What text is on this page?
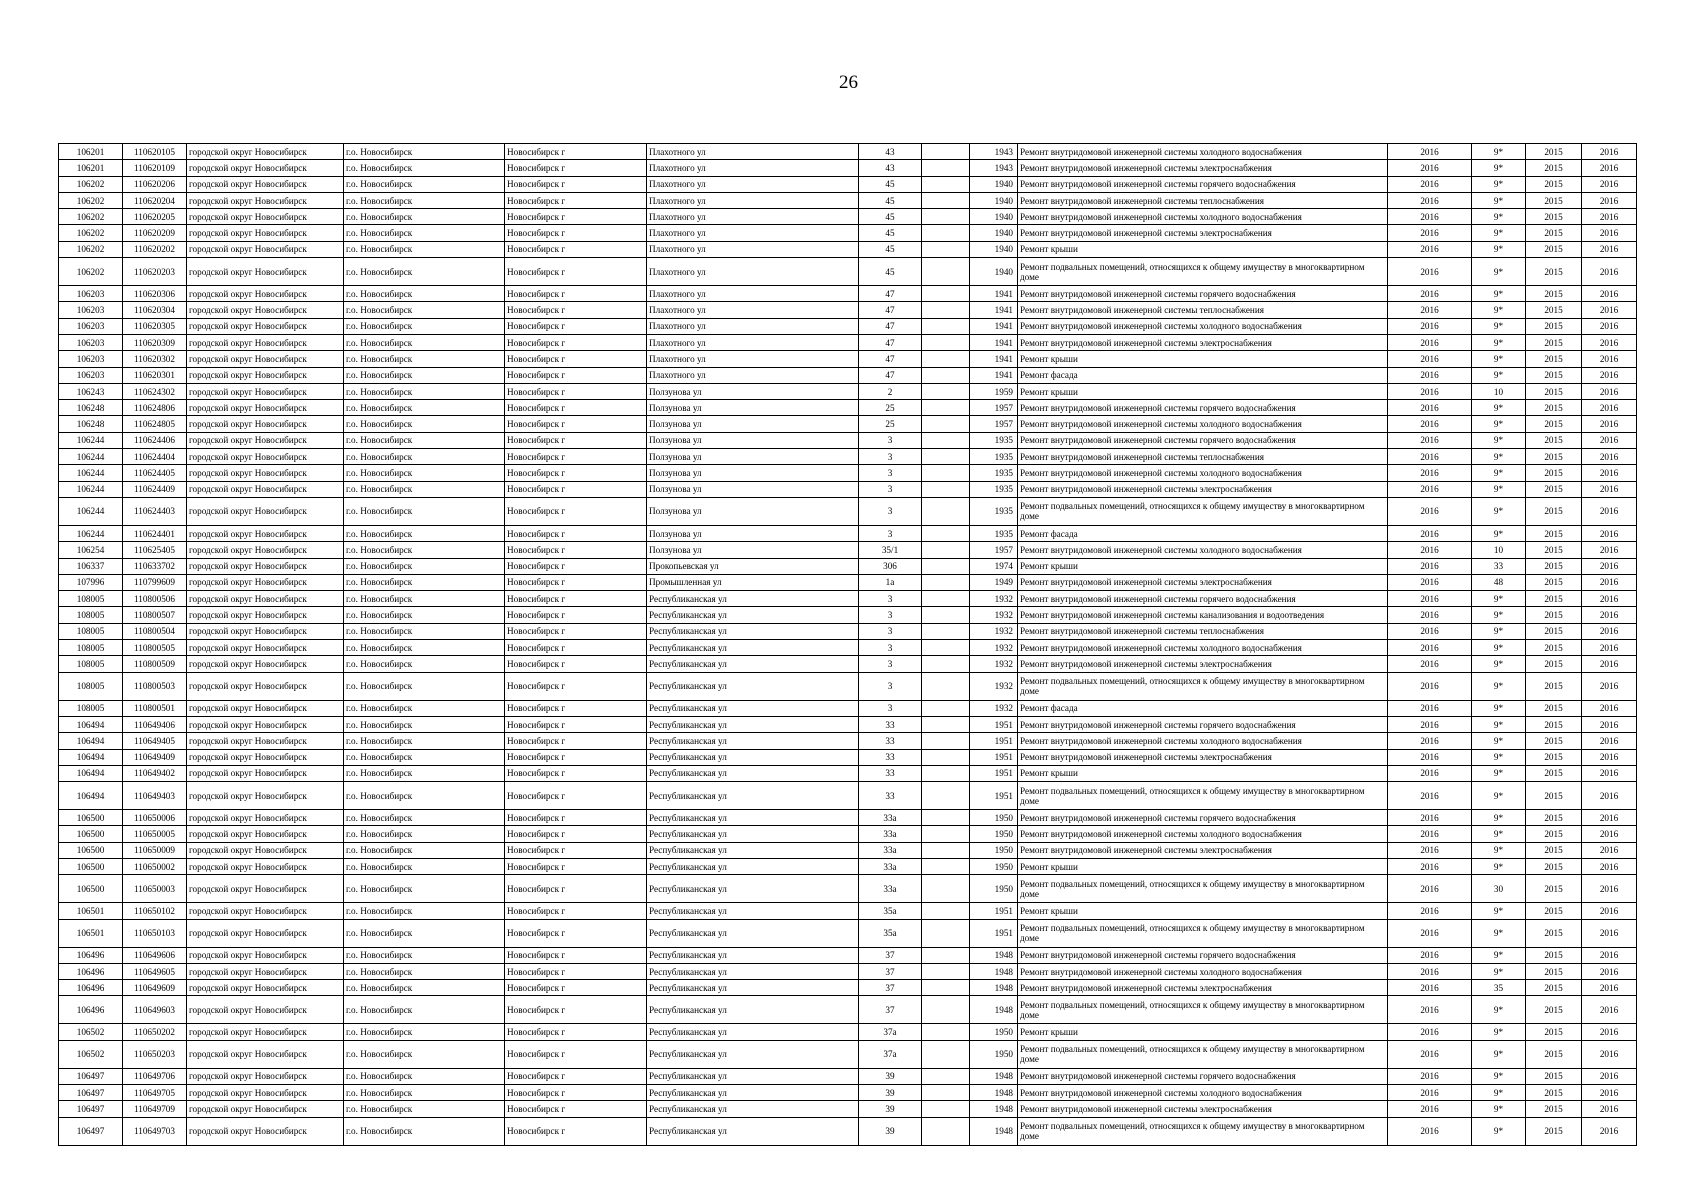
26
106201	110620105	городской округ Новосибирск	г.о. Новосибирск	Новосибирск г	Плахотного ул	43		1943	Ремонт внутридомовой инженерной системы холодного водоснабжения	2016	9*	2015	2016
106201	110620109	городской округ Новосибирск	г.о. Новосибирск	Новосибирск г	Плахотного ул	43		1943	Ремонт внутридомовой инженерной системы электроснабжения	2016	9*	2015	2016
106202	110620206	городской округ Новосибирск	г.о. Новосибирск	Новосибирск г	Плахотного ул	45		1940	Ремонт внутридомовой инженерной системы горячего водоснабжения	2016	9*	2015	2016
106202	110620204	городской округ Новосибирск	г.о. Новосибирск	Новосибирск г	Плахотного ул	45		1940	Ремонт внутридомовой инженерной системы теплоснабжения	2016	9*	2015	2016
106202	110620205	городской округ Новосибирск	г.о. Новосибирск	Новосибирск г	Плахотного ул	45		1940	Ремонт внутридомовой инженерной системы холодного водоснабжения	2016	9*	2015	2016
106202	110620209	городской округ Новосибирск	г.о. Новосибирск	Новосибирск г	Плахотного ул	45		1940	Ремонт внутридомовой инженерной системы электроснабжения	2016	9*	2015	2016
106202	110620202	городской округ Новосибирск	г.о. Новосибирск	Новосибирск г	Плахотного ул	45		1940	Ремонт крыши	2016	9*	2015	2016
106202	110620203	городской округ Новосибирск	г.о. Новосибирск	Новосибирск г	Плахотного ул	45		1940	Ремонт подвальных помещений, относящихся к общему имуществу в многоквартирном доме	2016	9*	2015	2016
106203	110620306	городской округ Новосибирск	г.о. Новосибирск	Новосибирск г	Плахотного ул	47		1941	Ремонт внутридомовой инженерной системы горячего водоснабжения	2016	9*	2015	2016
106203	110620304	городской округ Новосибирск	г.о. Новосибирск	Новосибирск г	Плахотного ул	47		1941	Ремонт внутридомовой инженерной системы теплоснабжения	2016	9*	2015	2016
106203	110620305	городской округ Новосибирск	г.о. Новосибирск	Новосибирск г	Плахотного ул	47		1941	Ремонт внутридомовой инженерной системы холодного водоснабжения	2016	9*	2015	2016
106203	110620309	городской округ Новосибирск	г.о. Новосибирск	Новосибирск г	Плахотного ул	47		1941	Ремонт внутридомовой инженерной системы электроснабжения	2016	9*	2015	2016
106203	110620302	городской округ Новосибирск	г.о. Новосибирск	Новосибирск г	Плахотного ул	47		1941	Ремонт крыши	2016	9*	2015	2016
106203	110620301	городской округ Новосибирск	г.о. Новосибирск	Новосибирск г	Плахотного ул	47		1941	Ремонт фасада	2016	9*	2015	2016
106243	110624302	городской округ Новосибирск	г.о. Новосибирск	Новосибирск г	Ползунова ул	2		1959	Ремонт крыши	2016	10	2015	2016
106248	110624806	городской округ Новосибирск	г.о. Новосибирск	Новосибирск г	Ползунова ул	25		1957	Ремонт внутридомовой инженерной системы горячего водоснабжения	2016	9*	2015	2016
106248	110624805	городской округ Новосибирск	г.о. Новосибирск	Новосибирск г	Ползунова ул	25		1957	Ремонт внутридомовой инженерной системы холодного водоснабжения	2016	9*	2015	2016
106244	110624406	городской округ Новосибирск	г.о. Новосибирск	Новосибирск г	Ползунова ул	3		1935	Ремонт внутридомовой инженерной системы горячего водоснабжения	2016	9*	2015	2016
106244	110624404	городской округ Новосибирск	г.о. Новосибирск	Новосибирск г	Ползунова ул	3		1935	Ремонт внутридомовой инженерной системы теплоснабжения	2016	9*	2015	2016
106244	110624405	городской округ Новосибирск	г.о. Новосибирск	Новосибирск г	Ползунова ул	3		1935	Ремонт внутридомовой инженерной системы холодного водоснабжения	2016	9*	2015	2016
106244	110624409	городской округ Новосибирск	г.о. Новосибирск	Новосибирск г	Ползунова ул	3		1935	Ремонт внутридомовой инженерной системы электроснабжения	2016	9*	2015	2016
106244	110624403	городской округ Новосибирск	г.о. Новосибирск	Новосибирск г	Ползунова ул	3		1935	Ремонт подвальных помещений, относящихся к общему имуществу в многоквартирном доме	2016	9*	2015	2016
106244	110624401	городской округ Новосибирск	г.о. Новосибирск	Новосибирск г	Ползунова ул	3		1935	Ремонт фасада	2016	9*	2015	2016
106254	110625405	городской округ Новосибирск	г.о. Новосибирск	Новосибирск г	Ползунова ул	35/1		1957	Ремонт внутридомовой инженерной системы холодного водоснабжения	2016	10	2015	2016
106337	110633702	городской округ Новосибирск	г.о. Новосибирск	Новосибирск г	Прокопьевская ул	306		1974	Ремонт крыши	2016	33	2015	2016
107996	110799609	городской округ Новосибирск	г.о. Новосибирск	Новосибирск г	Промышленная ул	1а		1949	Ремонт внутридомовой инженерной системы электроснабжения	2016	48	2015	2016
108005	110800506	городской округ Новосибирск	г.о. Новосибирск	Новосибирск г	Республиканская ул	3		1932	Ремонт внутридомовой инженерной системы горячего водоснабжения	2016	9*	2015	2016
108005	110800507	городской округ Новосибирск	г.о. Новосибирск	Новосибирск г	Республиканская ул	3		1932	Ремонт внутридомовой инженерной системы канализования и водоотведения	2016	9*	2015	2016
108005	110800504	городской округ Новосибирск	г.о. Новосибирск	Новосибирск г	Республиканская ул	3		1932	Ремонт внутридомовой инженерной системы теплоснабжения	2016	9*	2015	2016
108005	110800505	городской округ Новосибирск	г.о. Новосибирск	Новосибирск г	Республиканская ул	3		1932	Ремонт внутридомовой инженерной системы холодного водоснабжения	2016	9*	2015	2016
108005	110800509	городской округ Новосибирск	г.о. Новосибирск	Новосибирск г	Республиканская ул	3		1932	Ремонт внутридомовой инженерной системы электроснабжения	2016	9*	2015	2016
108005	110800503	городской округ Новосибирск	г.о. Новосибирск	Новосибирск г	Республиканская ул	3		1932	Ремонт подвальных помещений, относящихся к общему имуществу в многоквартирном доме	2016	9*	2015	2016
108005	110800501	городской округ Новосибирск	г.о. Новосибирск	Новосибирск г	Республиканская ул	3		1932	Ремонт фасада	2016	9*	2015	2016
106494	110649406	городской округ Новосибирск	г.о. Новосибирск	Новосибирск г	Республиканская ул	33		1951	Ремонт внутридомовой инженерной системы горячего водоснабжения	2016	9*	2015	2016
106494	110649405	городской округ Новосибирск	г.о. Новосибирск	Новосибирск г	Республиканская ул	33		1951	Ремонт внутридомовой инженерной системы холодного водоснабжения	2016	9*	2015	2016
106494	110649409	городской округ Новосибирск	г.о. Новосибирск	Новосибирск г	Республиканская ул	33		1951	Ремонт внутридомовой инженерной системы электроснабжения	2016	9*	2015	2016
106494	110649402	городской округ Новосибирск	г.о. Новосибирск	Новосибирск г	Республиканская ул	33		1951	Ремонт крыши	2016	9*	2015	2016
106494	110649403	городской округ Новосибирск	г.о. Новосибирск	Новосибирск г	Республиканская ул	33		1951	Ремонт подвальных помещений, относящихся к общему имуществу в многоквартирном доме	2016	9*	2015	2016
106500	110650006	городской округ Новосибирск	г.о. Новосибирск	Новосибирск г	Республиканская ул	33а		1950	Ремонт внутридомовой инженерной системы горячего водоснабжения	2016	9*	2015	2016
106500	110650005	городской округ Новосибирск	г.о. Новосибирск	Новосибирск г	Республиканская ул	33а		1950	Ремонт внутридомовой инженерной системы холодного водоснабжения	2016	9*	2015	2016
106500	110650009	городской округ Новосибирск	г.о. Новосибирск	Новосибирск г	Республиканская ул	33а		1950	Ремонт внутридомовой инженерной системы электроснабжения	2016	9*	2015	2016
106500	110650002	городской округ Новосибирск	г.о. Новосибирск	Новосибирск г	Республиканская ул	33а		1950	Ремонт крыши	2016	9*	2015	2016
106500	110650003	городской округ Новосибирск	г.о. Новосибирск	Новосибирск г	Республиканская ул	33а		1950	Ремонт подвальных помещений, относящихся к общему имуществу в многоквартирном доме	2016	30	2015	2016
106501	110650102	городской округ Новосибирск	г.о. Новосибирск	Новосибирск г	Республиканская ул	35а		1951	Ремонт крыши	2016	9*	2015	2016
106501	110650103	городской округ Новосибирск	г.о. Новосибирск	Новосибирск г	Республиканская ул	35а		1951	Ремонт подвальных помещений, относящихся к общему имуществу в многоквартирном доме	2016	9*	2015	2016
106496	110649606	городской округ Новосибирск	г.о. Новосибирск	Новосибирск г	Республиканская ул	37		1948	Ремонт внутридомовой инженерной системы горячего водоснабжения	2016	9*	2015	2016
106496	110649605	городской округ Новосибирск	г.о. Новосибирск	Новосибирск г	Республиканская ул	37		1948	Ремонт внутридомовой инженерной системы холодного водоснабжения	2016	9*	2015	2016
106496	110649609	городской округ Новосибирск	г.о. Новосибирск	Новосибирск г	Республиканская ул	37		1948	Ремонт внутридомовой инженерной системы электроснабжения	2016	35	2015	2016
106496	110649603	городской округ Новосибирск	г.о. Новосибирск	Новосибирск г	Республиканская ул	37		1948	Ремонт подвальных помещений, относящихся к общему имуществу в многоквартирном доме	2016	9*	2015	2016
106502	110650202	городской округ Новосибирск	г.о. Новосибирск	Новосибирск г	Республиканская ул	37а		1950	Ремонт крыши	2016	9*	2015	2016
106502	110650203	городской округ Новосибирск	г.о. Новосибирск	Новосибирск г	Республиканская ул	37а		1950	Ремонт подвальных помещений, относящихся к общему имуществу в многоквартирном доме	2016	9*	2015	2016
106497	110649706	городской округ Новосибирск	г.о. Новосибирск	Новосибирск г	Республиканская ул	39		1948	Ремонт внутридомовой инженерной системы горячего водоснабжения	2016	9*	2015	2016
106497	110649705	городской округ Новосибирск	г.о. Новосибирск	Новосибирск г	Республиканская ул	39		1948	Ремонт внутридомовой инженерной системы холодного водоснабжения	2016	9*	2015	2016
106497	110649709	городской округ Новосибирск	г.о. Новосибирск	Новосибирск г	Республиканская ул	39		1948	Ремонт внутридомовой инженерной системы электроснабжения	2016	9*	2015	2016
106497	110649703	городской округ Новосибирск	г.о. Новосибирск	Новосибирск г	Республиканская ул	39		1948	Ремонт подвальных помещений, относящихся к общему имуществу в многоквартирном доме	2016	9*	2015	2016
